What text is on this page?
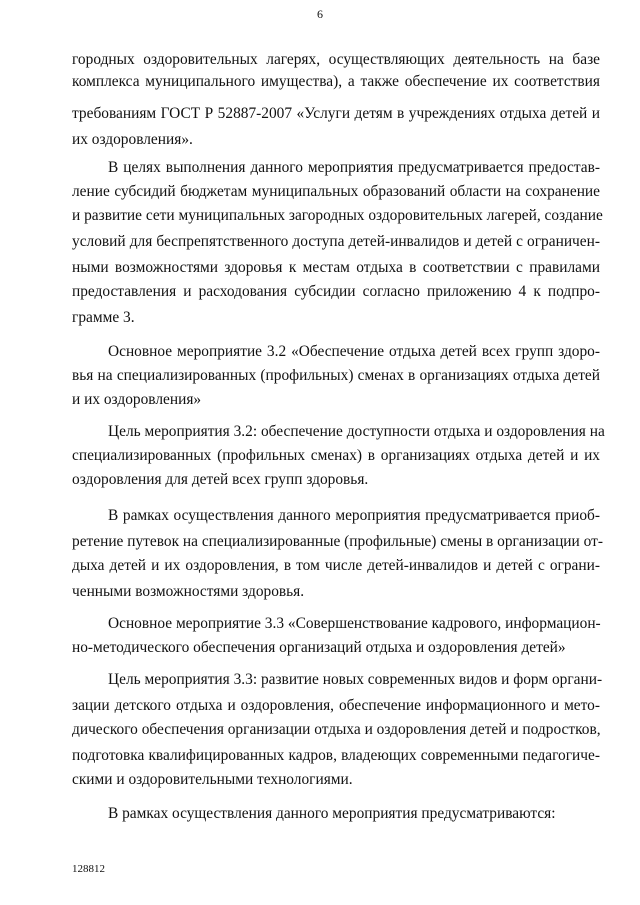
6
городных оздоровительных лагерях, осуществляющих деятельность на базе
комплекса муниципального имущества), а также обеспечение их соответствия
требованиям ГОСТ Р 52887-2007 «Услуги детям в учреждениях отдыха детей и
их оздоровления».
В целях выполнения данного мероприятия предусматривается предостав-
ление субсидий бюджетам муниципальных образований области на сохранение
и развитие сети муниципальных загородных оздоровительных лагерей, создание
условий для беспрепятственного доступа детей-инвалидов и детей с ограничен-
ными возможностями здоровья к местам отдыха в соответствии с правилами
предоставления и расходования субсидии согласно приложению 4 к подпро-
грамме 3.
Основное мероприятие 3.2 «Обеспечение отдыха детей всех групп здоро-
вья на специализированных (профильных) сменах в организациях отдыха детей
и их оздоровления»
Цель мероприятия 3.2: обеспечение доступности отдыха и оздоровления на
специализированных (профильных сменах) в организациях отдыха детей и их
оздоровления для детей всех групп здоровья.
В рамках осуществления данного мероприятия предусматривается приоб-
ретение путевок на специализированные (профильные) смены в организации от-
дыха детей и их оздоровления, в том числе детей-инвалидов и детей с ограни-
ченными возможностями здоровья.
Основное мероприятие 3.3 «Совершенствование кадрового, информацион-
но-методического обеспечения организаций отдыха и оздоровления детей»
Цель мероприятия 3.3: развитие новых современных видов и форм органи-
зации детского отдыха и оздоровления, обеспечение информационного и мето-
дического обеспечения организации отдыха и оздоровления детей и подростков,
подготовка квалифицированных кадров, владеющих современными педагогиче-
скими и оздоровительными технологиями.
В рамках осуществления данного мероприятия предусматриваются:
128812
